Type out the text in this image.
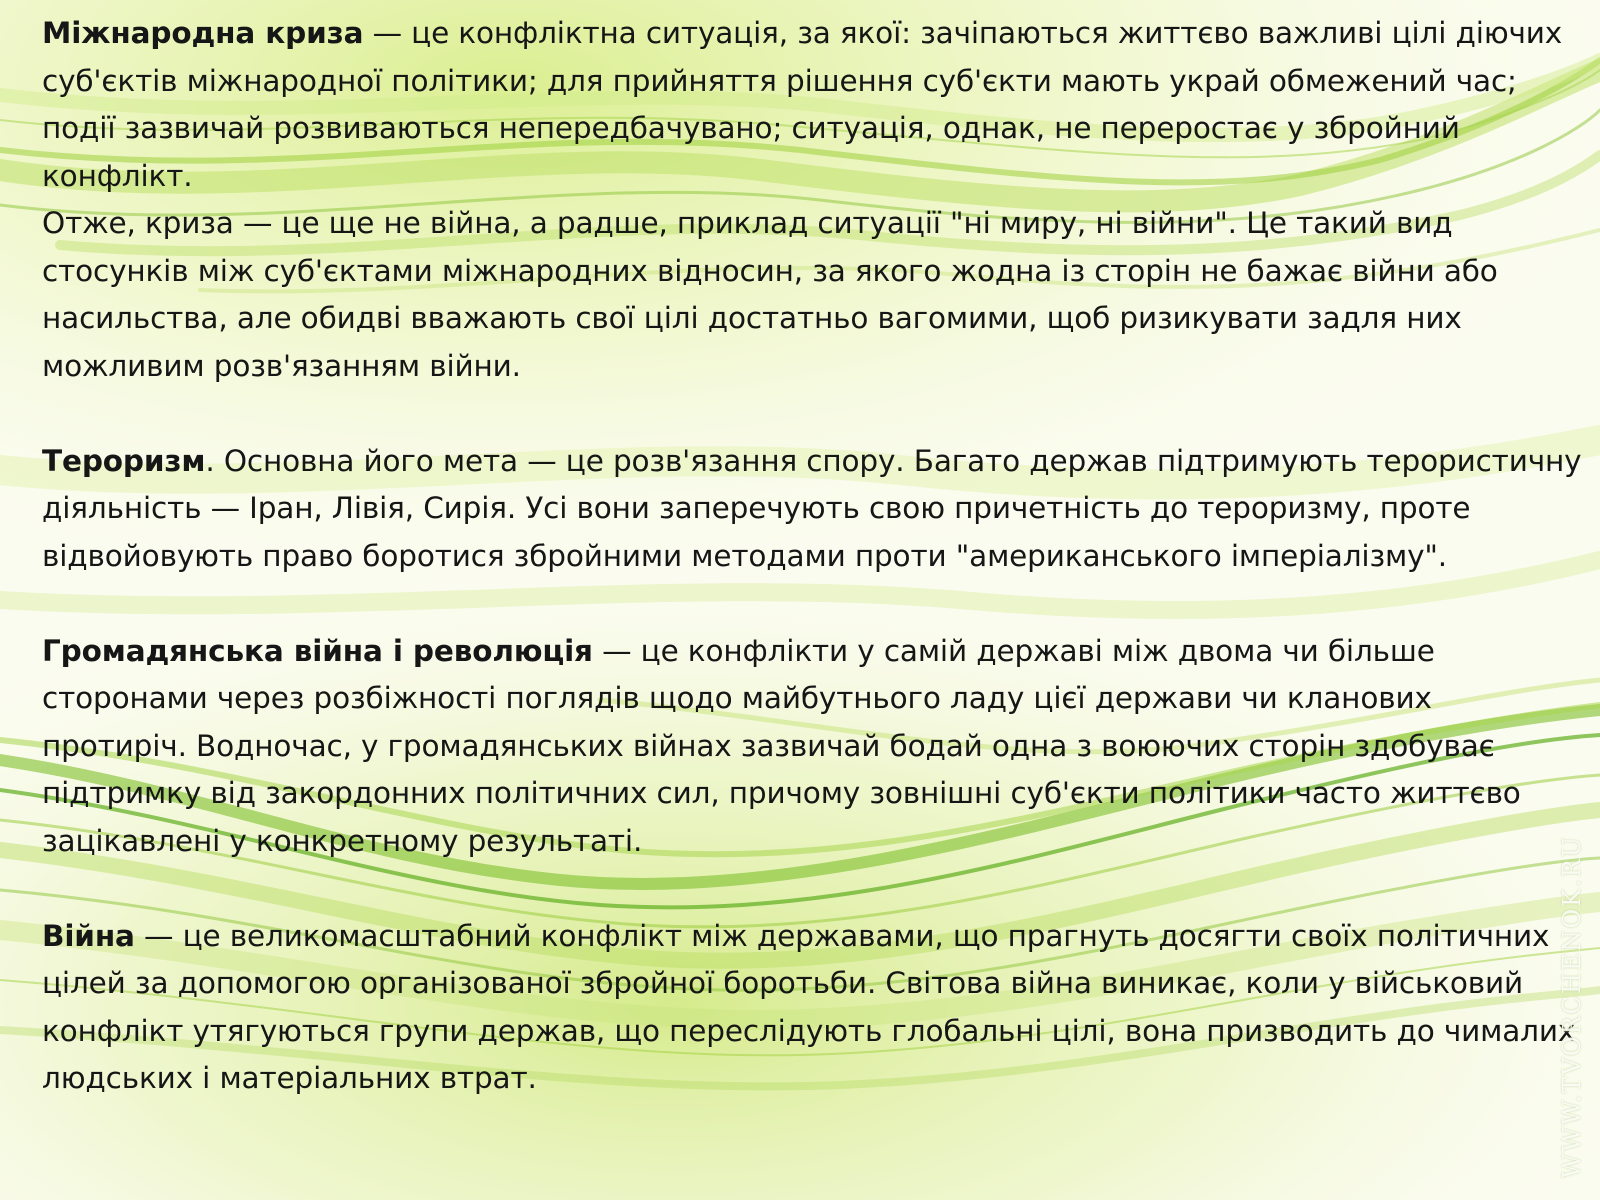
Міжнародна криза — це конфліктна ситуація, за якої: зачіпаються життєво важливі цілі діючих суб'єктів міжнародної політики; для прийняття рішення суб'єкти мають украй обмежений час; події зазвичай розвиваються непередбачувано; ситуація, однак, не переростає у збройний конфлікт.
Отже, криза — це ще не війна, а радше, приклад ситуації "ні миру, ні війни". Це такий вид стосунків між суб'єктами міжнародних відносин, за якого жодна із сторін не бажає війни або насильства, але обидві вважають свої цілі достатньо вагомими, щоб ризикувати задля них можливим розв'язанням війни.

Тероризм. Основна його мета — це розв'язання спору. Багато держав підтримують терористичну діяльність — Іран, Лівія, Сирія. Усі вони заперечують свою причетність до тероризму, проте відвойовують право боротися збройними методами проти "американського імперіалізму".

Громадянська війна і революція — це конфлікти у самій державі між двома чи більше сторонами через розбіжності поглядів щодо майбутнього ладу цієї держави чи кланових протиріч. Водночас, у громадянських війнах зазвичай бодай одна з воюючих сторін здобуває підтримку від закордонних політичних сил, причому зовнішні суб'єкти політики часто життєво зацікавлені у конкретному результаті.

Війна — це великомасштабний конфлікт між державами, що прагнуть досягти своїх політичних цілей за допомогою організованої збройної боротьби. Світова війна виникає, коли у військовий конфлікт утягуються групи держав, що переслідують глобальні цілі, вона призводить до чималих людських і матеріальних втрат.	WWW.TVORCHENOK.RU
